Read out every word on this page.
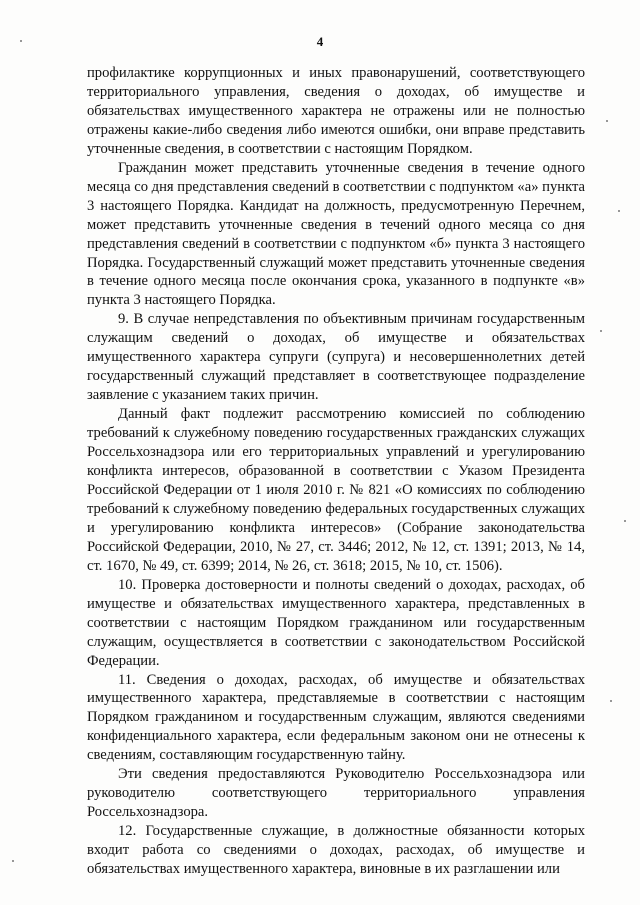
4

профилактике коррупционных и иных правонарушений, соответствующего территориального управления, сведения о доходах, об имуществе и обязательствах имущественного характера не отражены или не полностью отражены какие-либо сведения либо имеются ошибки, они вправе представить уточненные сведения, в соответствии с настоящим Порядком.

Гражданин может представить уточненные сведения в течение одного месяца со дня представления сведений в соответствии с подпунктом «а» пункта 3 настоящего Порядка. Кандидат на должность, предусмотренную Перечнем, может представить уточненные сведения в течений одного месяца со дня представления сведений в соответствии с подпунктом «б» пункта 3 настоящего Порядка. Государственный служащий может представить уточненные сведения в течение одного месяца после окончания срока, указанного в подпункте «в» пункта 3 настоящего Порядка.

9. В случае непредставления по объективным причинам государственным служащим сведений о доходах, об имуществе и обязательствах имущественного характера супруги (супруга) и несовершеннолетних детей государственный служащий представляет в соответствующее подразделение заявление с указанием таких причин.

Данный факт подлежит рассмотрению комиссией по соблюдению требований к служебному поведению государственных гражданских служащих Россельхознадзора или его территориальных управлений и урегулированию конфликта интересов, образованной в соответствии с Указом Президента Российской Федерации от 1 июля 2010 г. № 821 «О комиссиях по соблюдению требований к служебному поведению федеральных государственных служащих и урегулированию конфликта интересов» (Собрание законодательства Российской Федерации, 2010, № 27, ст. 3446; 2012, № 12, ст. 1391; 2013, № 14, ст. 1670, № 49, ст. 6399; 2014, № 26, ст. 3618; 2015, № 10, ст. 1506).

10. Проверка достоверности и полноты сведений о доходах, расходах, об имуществе и обязательствах имущественного характера, представленных в соответствии с настоящим Порядком гражданином или государственным служащим, осуществляется в соответствии с законодательством Российской Федерации.

11. Сведения о доходах, расходах, об имуществе и обязательствах имущественного характера, представляемые в соответствии с настоящим Порядком гражданином и государственным служащим, являются сведениями конфиденциального характера, если федеральным законом они не отнесены к сведениям, составляющим государственную тайну.

Эти сведения предоставляются Руководителю Россельхознадзора или руководителю соответствующего территориального управления Россельхознадзора.

12. Государственные служащие, в должностные обязанности которых входит работа со сведениями о доходах, расходах, об имуществе и обязательствах имущественного характера, виновные в их разглашении или
